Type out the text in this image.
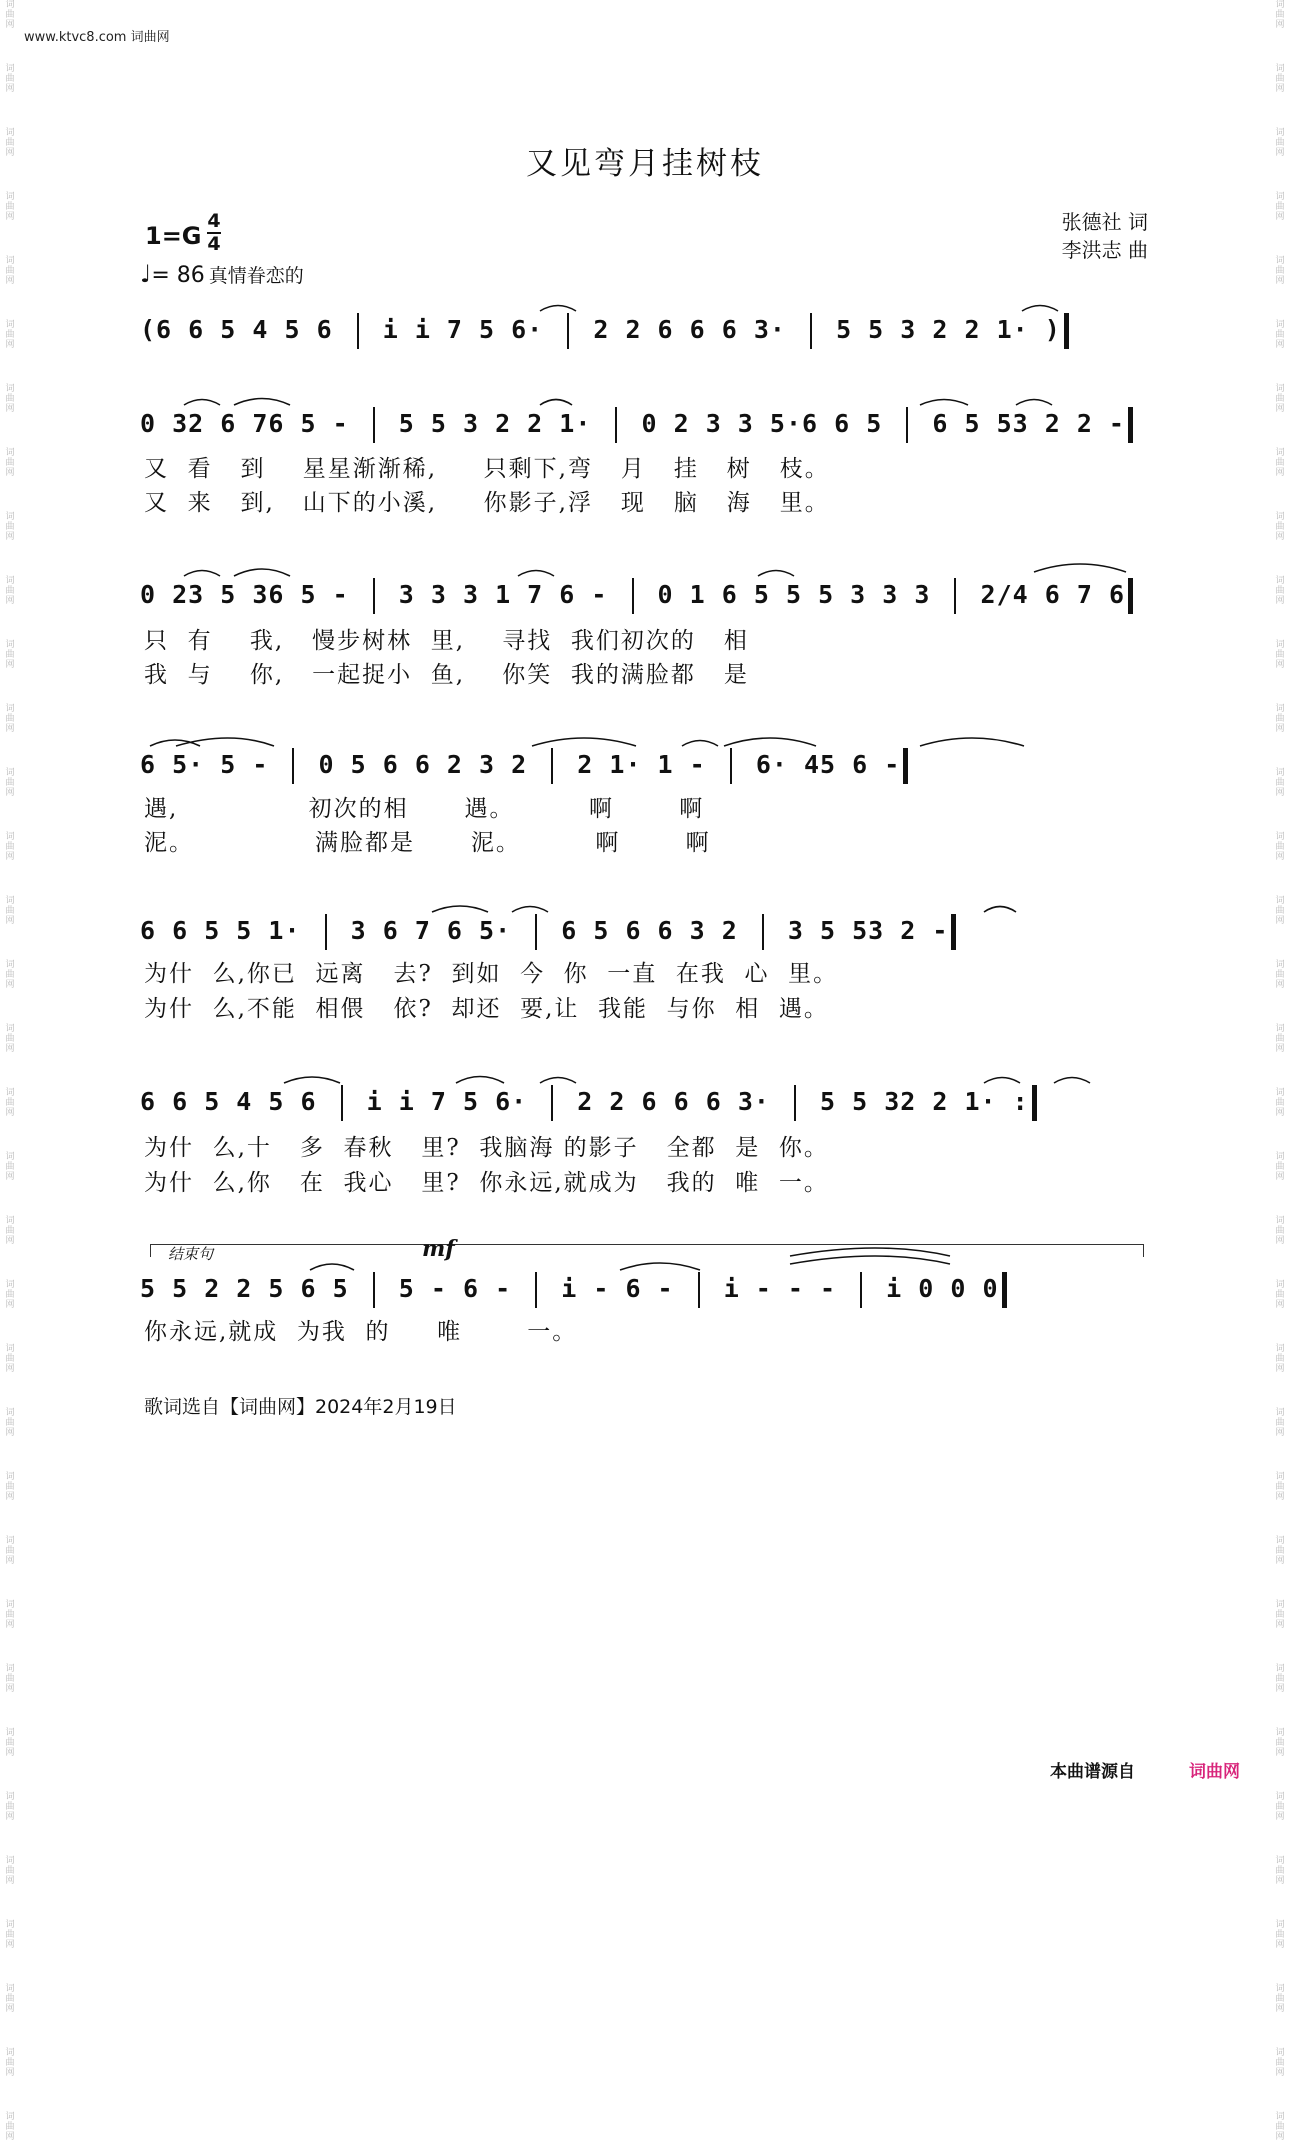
词曲网
词曲网
词曲网
词曲网
词曲网
词曲网
词曲网
词曲网
词曲网
词曲网
词曲网
词曲网
词曲网
词曲网
词曲网
词曲网
词曲网
词曲网
词曲网
词曲网
词曲网
词曲网
词曲网
词曲网
词曲网
词曲网
词曲网
词曲网
词曲网
词曲网
词曲网
词曲网
词曲网
词曲网
词曲网
词曲网
词曲网
词曲网
词曲网
词曲网
词曲网
词曲网
词曲网
词曲网
词曲网
词曲网
词曲网
词曲网
词曲网
词曲网
词曲网
词曲网
词曲网
词曲网
词曲网
词曲网
词曲网
词曲网
词曲网
词曲网
词曲网
词曲网
词曲网
词曲网
词曲网
词曲网
词曲网
词曲网
www.ktvc8.com 词曲网
又见弯月挂树枝
张德社 词
李洪志 曲
1=G
4
4
♩= 86 真情眷恋的
(6 6 5 4 5 6  i i 7 5 6·  2 2 6 6 6 3·  5 5 3 2 2 1· )
0 32 6 76 5 -  5 5 3 2 2 1·  0 2 3 3 5·6 6 5  6 5 53 2 2 -
又  看   到    星星渐渐稀,     只剩下,弯   月   挂   树   枝。
又  来   到,   山下的小溪,     你影子,浮   现   脑   海   里。
0 23 5 36 5 -  3 3 3 1 7 6 -  0 1 6 5 5 5 3 3 3  2/4 6 7 6
只  有    我,   慢步树林  里,    寻找  我们初次的   相
我  与    你,   一起捉小  鱼,    你笑  我的满脸都   是
6 5· 5 -  0 5 6 6 2 3 2  2 1· 1 -  6· 45 6 -
遇,              初次的相      遇。        啊       啊
泥。             满脸都是      泥。        啊       啊
6 6 5 5 1·  3 6 7 6 5·  6 5 6 6 3 2  3 5 53 2 -
为什  么,你已  远离   去?  到如  今  你  一直  在我  心  里。
为什  么,不能  相偎   依?  却还  要,让  我能  与你  相  遇。
6 6 5 4 5 6  i i 7 5 6·  2 2 6 6 6 3·  5 5 32 2 1· :
为什  么,十   多  春秋   里?  我脑海 的影子   全都  是  你。
为什  么,你   在  我心   里?  你永远,就成为   我的  唯  一。
结束句	mf
5 5 2 2 5 6 5  5 - 6 -  i - 6 -  i - - -  i 0 0 0
你永远,就成  为我  的     唯       一。
歌词选自【词曲网】2024年2月19日
本曲谱源自	词曲网
